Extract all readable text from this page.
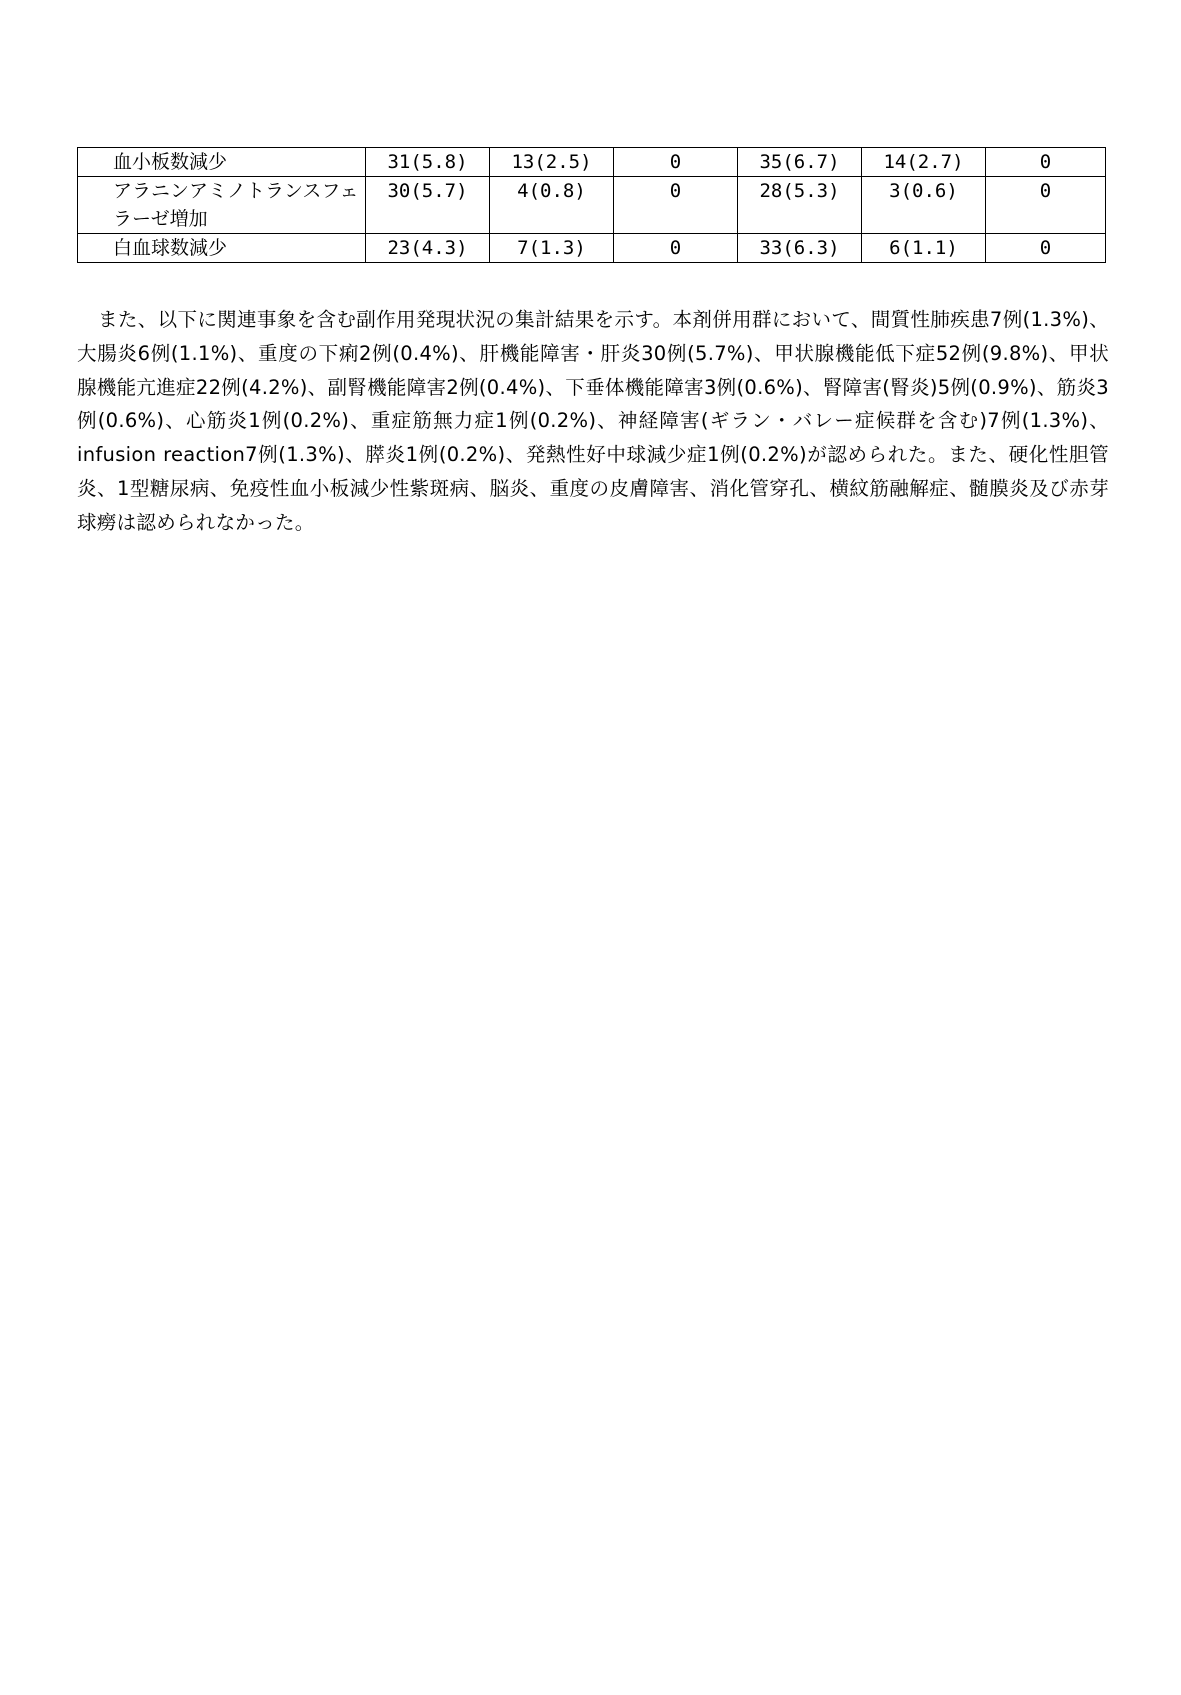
血小板数減少	31(5.8)	13(2.5)	0	35(6.7)	14(2.7)	0
アラニンアミノトランスフェラーゼ増加	30(5.7)	4(0.8)	0	28(5.3)	3(0.6)	0
白血球数減少	23(4.3)	7(1.3)	0	33(6.3)	6(1.1)	0

また、以下に関連事象を含む副作用発現状況の集計結果を示す。本剤併用群において、間質性肺疾患7例(1.3%)、大腸炎6例(1.1%)、重度の下痢2例(0.4%)、肝機能障害・肝炎30例(5.7%)、甲状腺機能低下症52例(9.8%)、甲状腺機能亢進症22例(4.2%)、副腎機能障害2例(0.4%)、下垂体機能障害3例(0.6%)、腎障害(腎炎)5例(0.9%)、筋炎3例(0.6%)、心筋炎1例(0.2%)、重症筋無力症1例(0.2%)、神経障害(ギラン・バレー症候群を含む)7例(1.3%)、infusion reaction7例(1.3%)、膵炎1例(0.2%)、発熱性好中球減少症1例(0.2%)が認められた。また、硬化性胆管炎、1型糖尿病、免疫性血小板減少性紫斑病、脳炎、重度の皮膚障害、消化管穿孔、横紋筋融解症、髄膜炎及び赤芽球癆は認められなかった。
